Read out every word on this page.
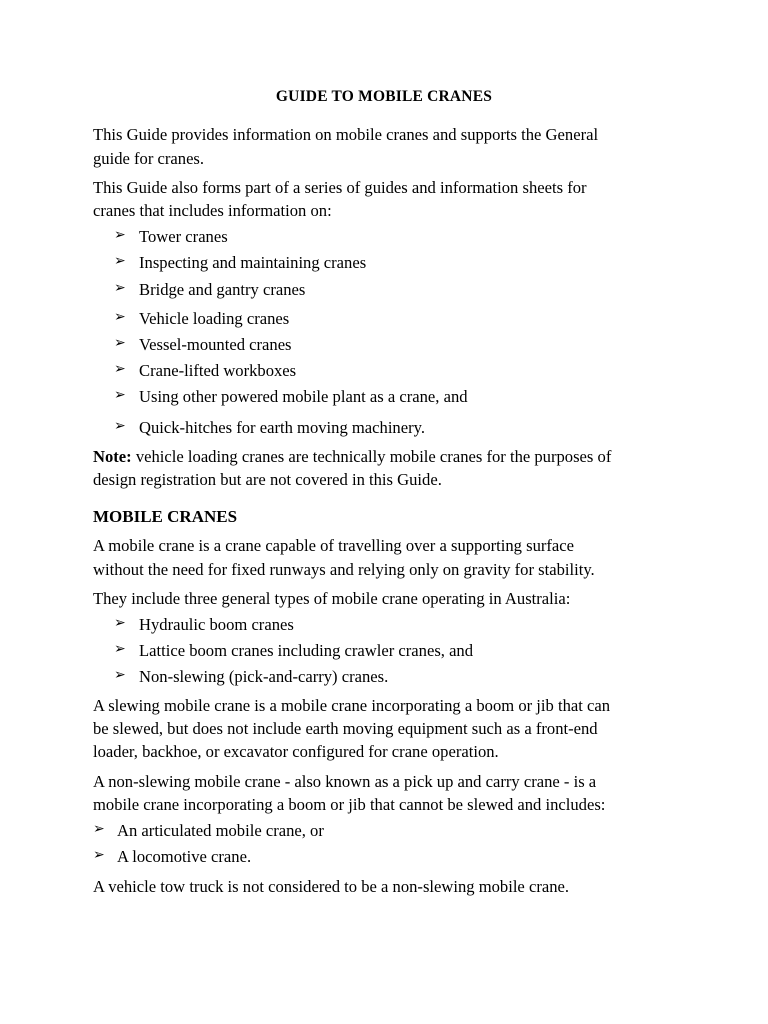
GUIDE TO MOBILE CRANES

This Guide provides information on mobile cranes and supports the General

guide for cranes.

This Guide also forms part of a series of guides and information sheets for

cranes that includes information on:

➢ Tower cranes

➢ Inspecting and maintaining cranes

➢ Bridge and gantry cranes

➢ Vehicle loading cranes

➢ Vessel-mounted cranes

➢ Crane-lifted workboxes

➢ Using other powered mobile plant as a crane, and

➢ Quick-hitches for earth moving machinery.

Note: vehicle loading cranes are technically mobile cranes for the purposes of

design registration but are not covered in this Guide.

MOBILE CRANES

A mobile crane is a crane capable of travelling over a supporting surface

without the need for fixed runways and relying only on gravity for stability.

They include three general types of mobile crane operating in Australia:

➢ Hydraulic boom cranes

➢ Lattice boom cranes including crawler cranes, and

➢ Non-slewing (pick-and-carry) cranes.

A slewing mobile crane is a mobile crane incorporating a boom or jib that can

be slewed, but does not include earth moving equipment such as a front-end

loader, backhoe, or excavator configured for crane operation.

A non-slewing mobile crane - also known as a pick up and carry crane - is a

mobile crane incorporating a boom or jib that cannot be slewed and includes:

➢ An articulated mobile crane, or

➢ A locomotive crane.

A vehicle tow truck is not considered to be a non-slewing mobile crane.
